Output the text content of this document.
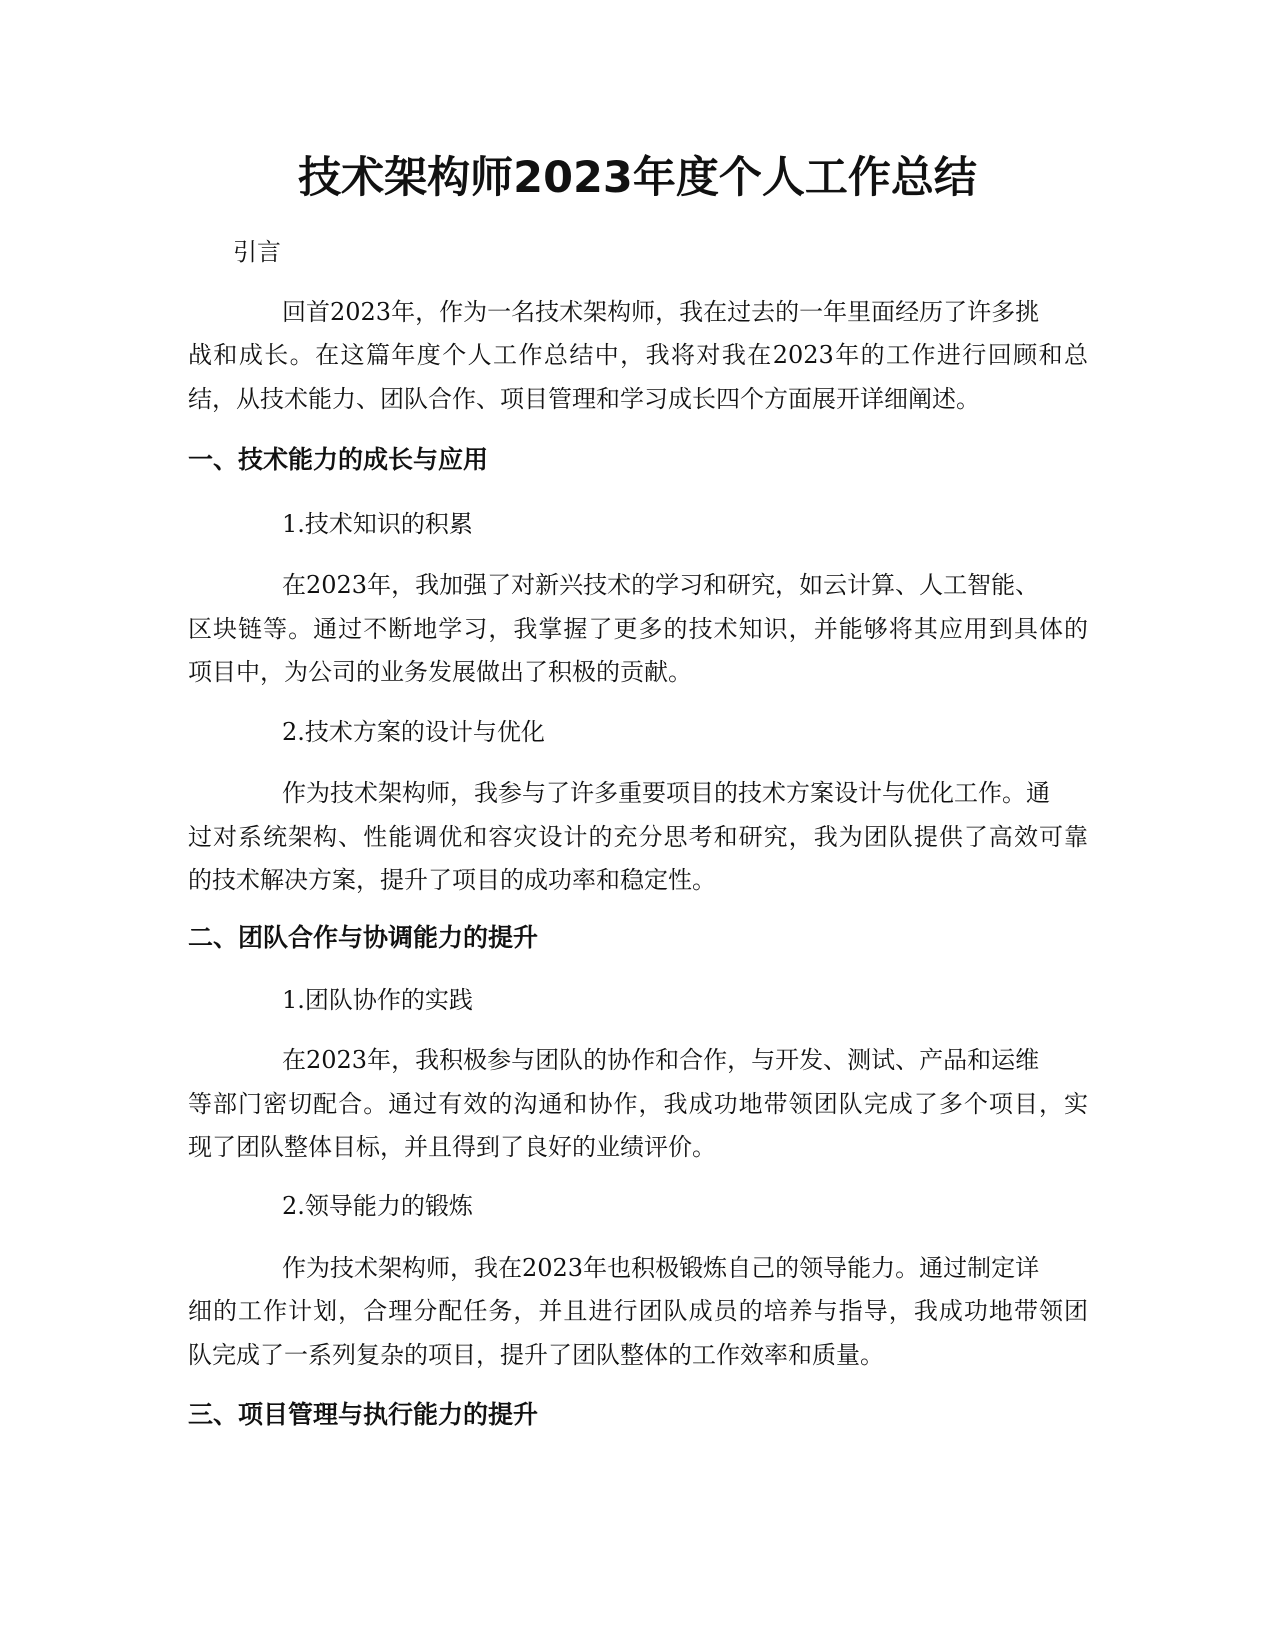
技术架构师2023年度个人工作总结
引言
回首2023年，作为一名技术架构师，我在过去的一年里面经历了许多挑
战和成长。在这篇年度个人工作总结中，我将对我在2023年的工作进行回顾和总
结，从技术能力、团队合作、项目管理和学习成长四个方面展开详细阐述。
一、技术能力的成长与应用
1.技术知识的积累
在2023年，我加强了对新兴技术的学习和研究，如云计算、人工智能、
区块链等。通过不断地学习，我掌握了更多的技术知识，并能够将其应用到具体的
项目中，为公司的业务发展做出了积极的贡献。
2.技术方案的设计与优化
作为技术架构师，我参与了许多重要项目的技术方案设计与优化工作。通
过对系统架构、性能调优和容灾设计的充分思考和研究，我为团队提供了高效可靠
的技术解决方案，提升了项目的成功率和稳定性。
二、团队合作与协调能力的提升
1.团队协作的实践
在2023年，我积极参与团队的协作和合作，与开发、测试、产品和运维
等部门密切配合。通过有效的沟通和协作，我成功地带领团队完成了多个项目，实
现了团队整体目标，并且得到了良好的业绩评价。
2.领导能力的锻炼
作为技术架构师，我在2023年也积极锻炼自己的领导能力。通过制定详
细的工作计划，合理分配任务，并且进行团队成员的培养与指导，我成功地带领团
队完成了一系列复杂的项目，提升了团队整体的工作效率和质量。
三、项目管理与执行能力的提升
